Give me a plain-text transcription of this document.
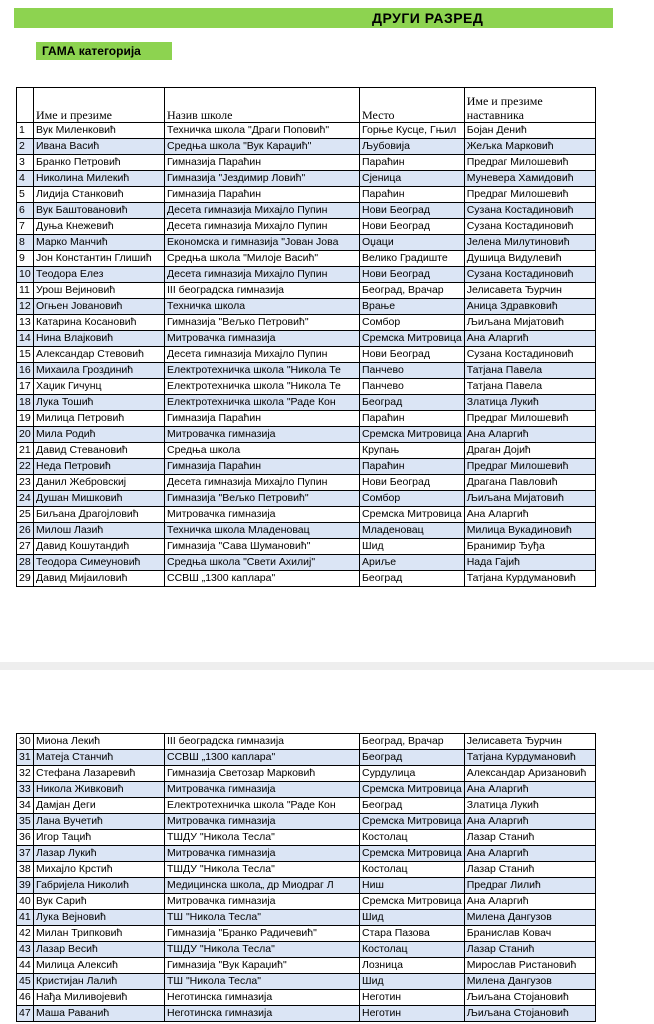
ДРУГИ РАЗРЕД
ГАМА категорија
	Име и презиме	Назив школе	Место	Име и презиме наставника
1	Вук Миленковић	Техничка школа "Драги Поповић"	Горње Кусце, Гњил	Бојан Денић
2	Ивана Васић	Средња школа "Вук Караџић"	Љубовија	Жељка Марковић
3	Бранко Петровић	Гимназија Параћин	Параћин	Предраг Милошевић
4	Николина Милекић	Гимназија "Јездимир Ловић"	Сјеница	Муневера Хамидовић
5	Лидија Станковић	Гимназија Параћин	Параћин	Предраг Милошевић
6	Вук Баштовановић	Десета гимназија Михајло Пупин	Нови Београд	Сузана Костадиновић
7	Дуња Кнежевић	Десета гимназија Михајло Пупин	Нови Београд	Сузана Костадиновић
8	Марко Манчић	Економска и гимназија "Јован Јова	Оџаци	Јелена Милутиновић
9	Јон Константин Глишић	Средња школа "Милоје Васић"	Велико Градиште	Душица Видулевић
10	Теодора Елез	Десета гимназија Михајло Пупин	Нови Београд	Сузана Костадиновић
11	Урош Вејиновић	III београдска гимназија	Београд, Врачар	Јелисавета Ђурчин
12	Огњен Јовановић	Техничка школа	Врање	Аница Здравковић
13	Катарина Косановић	Гимназија "Вељко Петровић"	Сомбор	Љиљана Мијатовић
14	Нина Влајковић	Митровачка гимназија	Сремска Митровица	Ана Аларгић
15	Александар Стевовић	Десета гимназија Михајло Пупин	Нови Београд	Сузана Костадиновић
16	Михаила Гроздинић	Електротехничка школа "Никола Те	Панчево	Татјана Павела
17	Хаџик Гичунц	Електротехничка школа "Никола Те	Панчево	Татјана Павела
18	Лука Тошић	Електротехничка школа "Раде Кон	Београд	Златица Лукић
19	Милица Петровић	Гимназија Параћин	Параћин	Предраг Милошевић
20	Мила Родић	Митровачка гимназија	Сремска Митровица	Ана Аларгић
21	Давид Стевановић	Средња школа	Крупањ	Драган Дојић
22	Неда Петровић	Гимназија Параћин	Параћин	Предраг Милошевић
23	Данил Жебровскиј	Десета гимназија Михајло Пупин	Нови Београд	Драгана Павловић
24	Душан Мишковић	Гимназија "Вељко Петровић"	Сомбор	Љиљана Мијатовић
25	Биљана Драгојловић	Митровачка гимназија	Сремска Митровица	Ана Аларгић
26	Милош Лазић	Техничка школа Младеновац	Младеновац	Милица Вукадиновић
27	Давид Кошутандић	Гимназија "Сава Шумановић"	Шид	Бранимир Ђуђа
28	Теодора Симеуновић	Средња школа "Свети Ахилиј"	Ариље	Нада Гајић
29	Давид Мијаиловић	ССВШ „1300 каплара"	Београд	Татјана Курдумановић
30	Миона Лекић	III београдска гимназија	Београд, Врачар	Јелисавета Ђурчин
31	Матеја Станчић	ССВШ „1300 каплара"	Београд	Татјана Курдумановић
32	Стефана Лазаревић	Гимназија Светозар Марковић	Сурдулица	Александар Аризановић
33	Никола Живковић	Митровачка гимназија	Сремска Митровица	Ана Аларгић
34	Дамјан Деги	Електротехничка школа "Раде Кон	Београд	Златица Лукић
35	Лана Вучетић	Митровачка гимназија	Сремска Митровица	Ана Аларгић
36	Игор Тацић	ТШДУ "Никола Тесла"	Костолац	Лазар Станић
37	Лазар Лукић	Митровачка гимназија	Сремска Митровица	Ана Аларгић
38	Михајло Крстић	ТШДУ "Никола Тесла"	Костолац	Лазар Станић
39	Габријела Николић	Медицинска школа„ др Миодраг Л	Ниш	Предраг Лилић
40	Вук Сарић	Митровачка гимназија	Сремска Митровица	Ана Аларгић
41	Лука Вејновић	ТШ "Никола Тесла"	Шид	Милена Дангузов
42	Милан Трипковић	Гимназија "Бранко Радичевић"	Стара Пазова	Бранислав Ковач
43	Лазар Весић	ТШДУ "Никола Тесла"	Костолац	Лазар Станић
44	Милица Алексић	Гимназија "Вук Караџић"	Лозница	Мирослав Ристановић
45	Кристијан Лалић	ТШ "Никола Тесла"	Шид	Милена Дангузов
46	Нађа Миливојевић	Неготинска гимназија	Неготин	Љиљана Стојановић
47	Маша Раванић	Неготинска гимназија	Неготин	Љиљана Стојановић
